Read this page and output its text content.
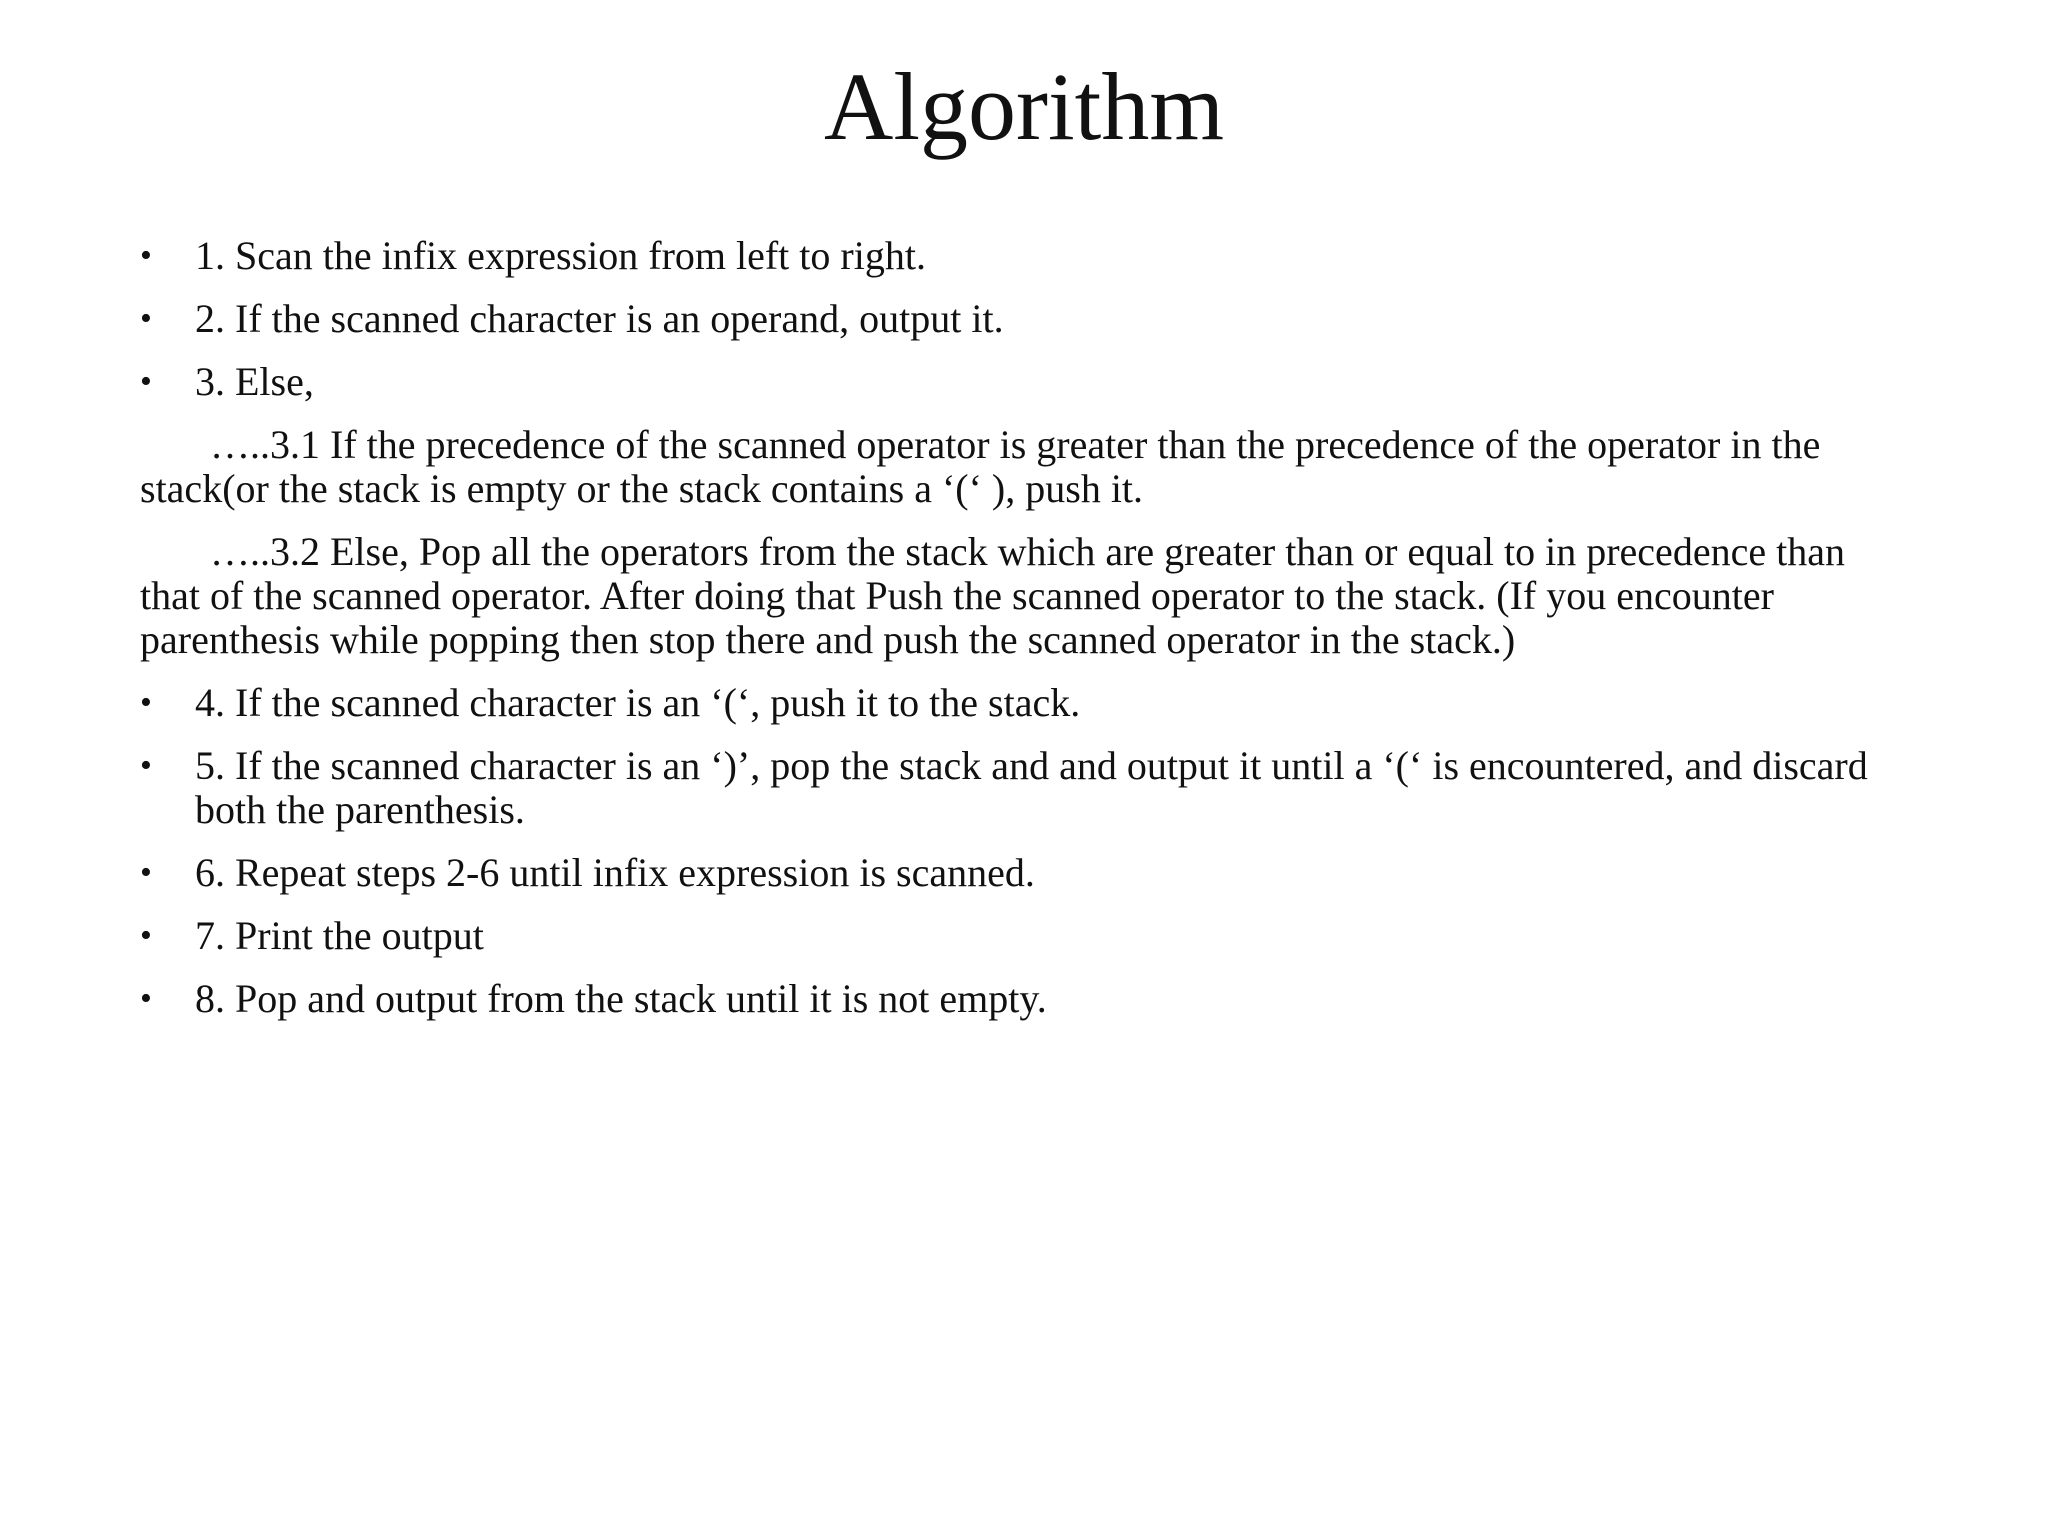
Algorithm
• 1. Scan the infix expression from left to right.
• 2. If the scanned character is an operand, output it.
• 3. Else,
…..3.1 If the precedence of the scanned operator is greater than the precedence of the operator in the stack(or the stack is empty or the stack contains a ‘(‘ ), push it.
…..3.2 Else, Pop all the operators from the stack which are greater than or equal to in precedence than that of the scanned operator. After doing that Push the scanned operator to the stack. (If you encounter parenthesis while popping then stop there and push the scanned operator in the stack.)
• 4. If the scanned character is an ‘(‘, push it to the stack.
• 5. If the scanned character is an ‘)’, pop the stack and and output it until a ‘(‘ is encountered, and discard both the parenthesis.
• 6. Repeat steps 2-6 until infix expression is scanned.
• 7. Print the output
• 8. Pop and output from the stack until it is not empty.
